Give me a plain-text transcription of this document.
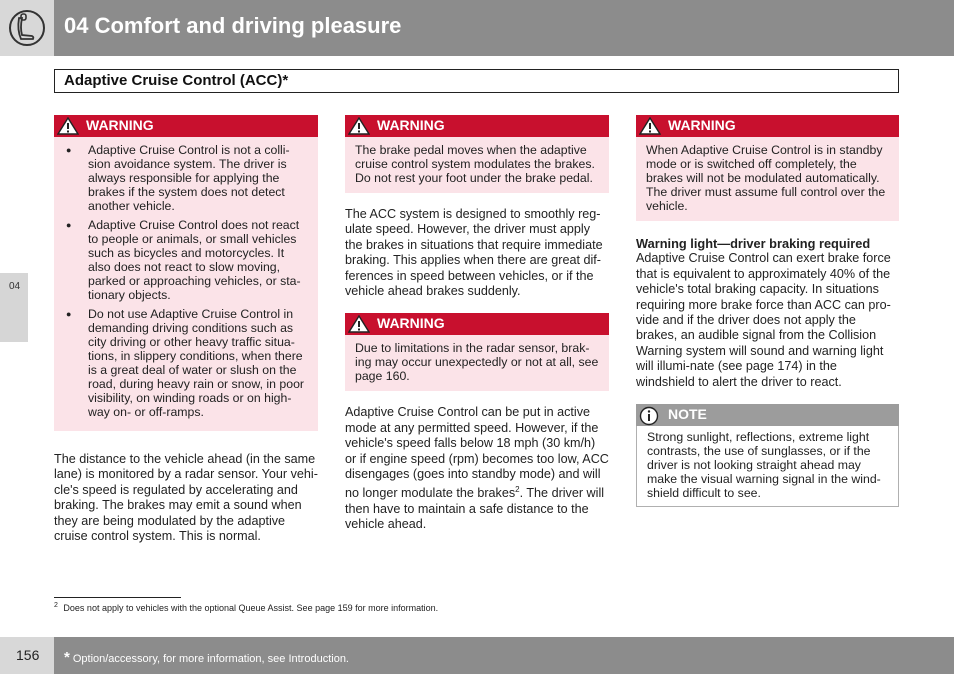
04 Comfort and driving pleasure
Adaptive Cruise Control (ACC)*
04
WARNING
● Adaptive Cruise Control is not a colli-sion avoidance system. The driver is always responsible for applying the brakes if the system does not detect another vehicle.
● Adaptive Cruise Control does not react to people or animals, or small vehicles such as bicycles and motorcycles. It also does not react to slow moving, parked or approaching vehicles, or sta-tionary objects.
● Do not use Adaptive Cruise Control in demanding driving conditions such as city driving or other heavy traffic situa-tions, in slippery conditions, when there is a great deal of water or slush on the road, during heavy rain or snow, in poor visibility, on winding roads or on high-way on- or off-ramps.

The distance to the vehicle ahead (in the same lane) is monitored by a radar sensor. Your vehi-cle's speed is regulated by accelerating and braking. The brakes may emit a sound when they are being modulated by the adaptive cruise control system. This is normal.

WARNING

The brake pedal moves when the adaptive cruise control system modulates the brakes. Do not rest your foot under the brake pedal.

The ACC system is designed to smoothly reg-ulate speed. However, the driver must apply the brakes in situations that require immediate braking. This applies when there are great dif-ferences in speed between vehicles, or if the vehicle ahead brakes suddenly.

WARNING

Due to limitations in the radar sensor, brak-ing may occur unexpectedly or not at all, see page 160.

Adaptive Cruise Control can be put in active mode at any permitted speed. However, if the vehicle's speed falls below 18 mph (30 km/h) or if engine speed (rpm) becomes too low, ACC disengages (goes into standby mode) and will no longer modulate the brakes$^2$. The driver will then have to maintain a safe distance to the vehicle ahead.

WARNING

When Adaptive Cruise Control is in standby mode or is switched off completely, the brakes will not be modulated automatically. The driver must assume full control over the vehicle.

Warning light—driver braking required

Adaptive Cruise Control can exert brake force that is equivalent to approximately 40% of the vehicle's total braking capacity. In situations requiring more brake force than ACC can pro-vide and if the driver does not apply the brakes, an audible signal from the Collision Warning system will sound and warning light will illumi-nate (see page 174) in the windshield to alert the driver to react.

NOTE

Strong sunlight, reflections, extreme light contrasts, the use of sunglasses, or if the driver is not looking straight ahead may make the visual warning signal in the wind-shield difficult to see.

$^2$ Does not apply to vehicles with the optional Queue Assist. See page 159 for more information.
156 * Option/accessory, for more information, see Introduction.
